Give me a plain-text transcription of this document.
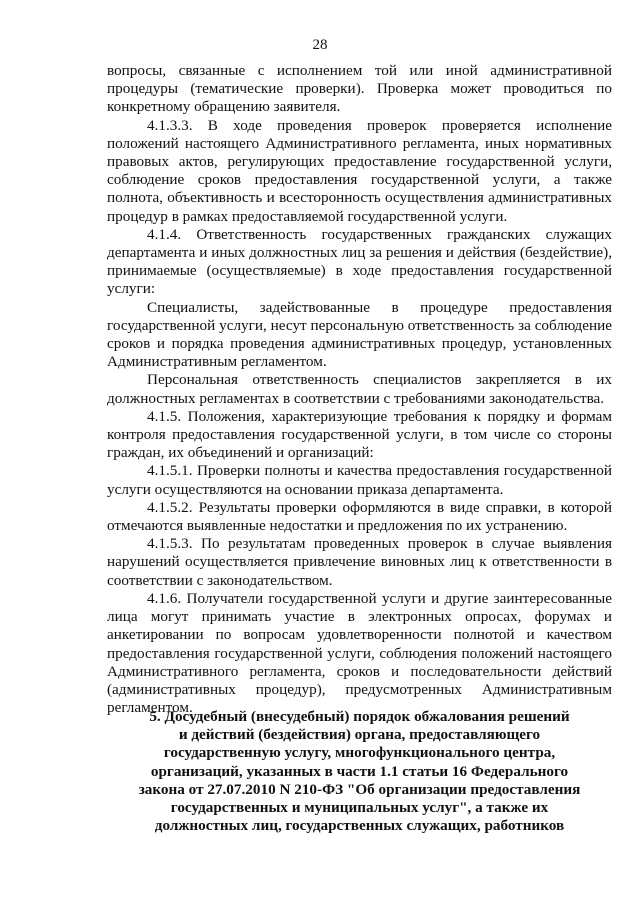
28

вопросы, связанные с исполнением той или иной административной процедуры (тематические проверки). Проверка может проводиться по конкретному обращению заявителя.

4.1.3.3. В ходе проведения проверок проверяется исполнение положений настоящего Административного регламента, иных нормативных правовых актов, регулирующих предоставление государственной услуги, соблюдение сроков предоставления государственной услуги, а также полнота, объективность и всесторонность осуществления административных процедур в рамках предоставляемой государственной услуги.

4.1.4. Ответственность государственных гражданских служащих департамента и иных должностных лиц за решения и действия (бездействие), принимаемые (осуществляемые) в ходе предоставления государственной услуги:

Специалисты, задействованные в процедуре предоставления государственной услуги, несут персональную ответственность за соблюдение сроков и порядка проведения административных процедур, установленных Административным регламентом.

Персональная ответственность специалистов закрепляется в их должностных регламентах в соответствии с требованиями законодательства.

4.1.5. Положения, характеризующие требования к порядку и формам контроля предоставления государственной услуги, в том числе со стороны граждан, их объединений и организаций:

4.1.5.1. Проверки полноты и качества предоставления государственной услуги осуществляются на основании приказа департамента.

4.1.5.2. Результаты проверки оформляются в виде справки, в которой отмечаются выявленные недостатки и предложения по их устранению.

4.1.5.3. По результатам проведенных проверок в случае выявления нарушений осуществляется привлечение виновных лиц к ответственности в соответствии с законодательством.

4.1.6. Получатели государственной услуги и другие заинтересованные лица могут принимать участие в электронных опросах, форумах и анкетировании по вопросам удовлетворенности полнотой и качеством предоставления государственной услуги, соблюдения положений настоящего Административного регламента, сроков и последовательности действий (административных процедур), предусмотренных Административным регламентом.

5. Досудебный (внесудебный) порядок обжалования решений
и действий (бездействия) органа, предоставляющего
государственную услугу, многофункционального центра,
организаций, указанных в части 1.1 статьи 16 Федерального
закона от 27.07.2010 N 210-ФЗ "Об организации предоставления
государственных и муниципальных услуг", а также их
должностных лиц, государственных служащих, работников
